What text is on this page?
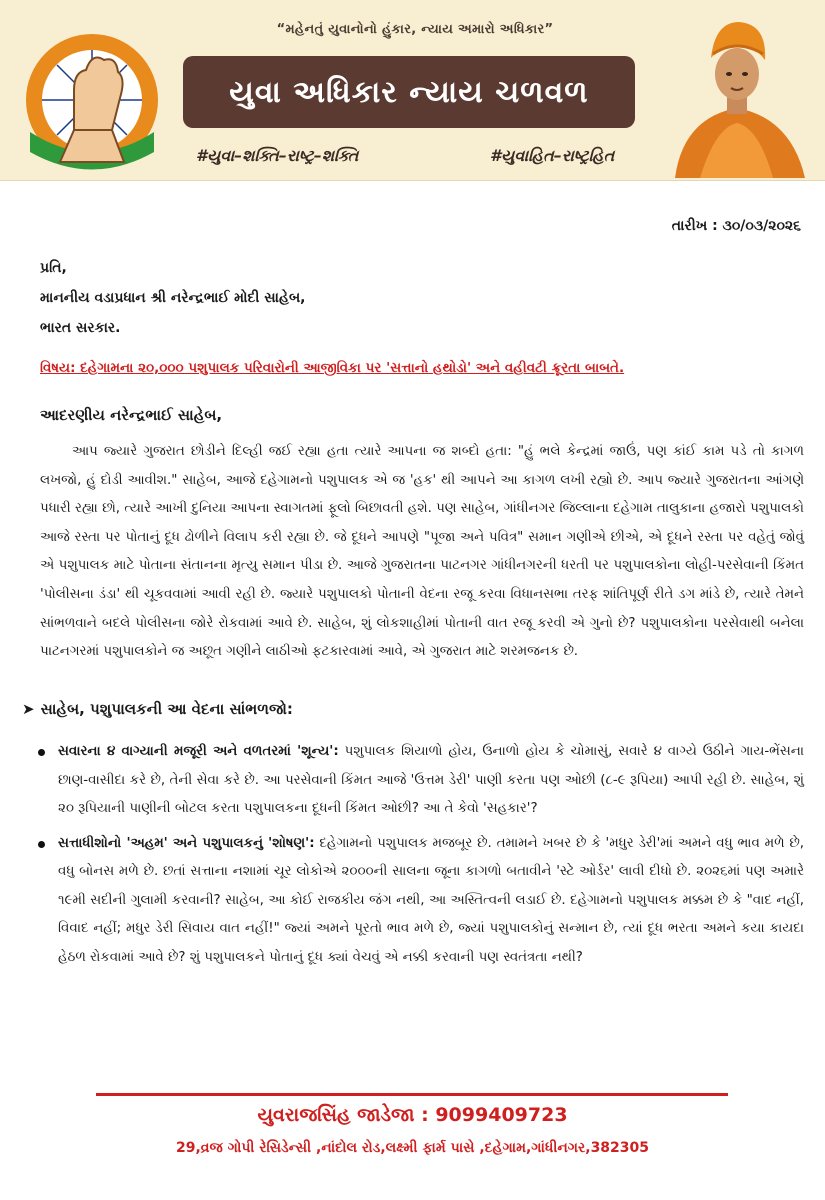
“મહેનતું યુવાનોનો હુંકાર, ન્યાય અમારો અધિકાર”
યુવા અધિકાર ન્યાય ચળવળ
#યુવા–શક્તિ–રાષ્ટ્ર–શક્તિ	#યુવાહિત–રાષ્ટ્રહિત
તારીખ : ૩૦/૦૩/૨૦૨૬
પ્રતિ,
માનનીય વડાપ્રધાન શ્રી નરેન્દ્રભાઈ મોદી સાહેબ,
ભારત સરકાર.
વિષય: દહેગામના ૨૦,૦૦૦ પશુપાલક પરિવારોની આજીવિકા પર 'સત્તાનો હથોડો' અને વહીવટી ક્રૂરતા બાબતે.
આદરણીય નરેન્દ્રભાઈ સાહેબ,
આપ જ્યારે ગુજરાત છોડીને દિલ્હી જઈ રહ્યા હતા ત્યારે આપના જ શબ્દો હતા: "હું ભલે કેન્દ્રમાં જાઉં, પણ કાંઈ કામ પડે તો કાગળ લખજો, હું દોડી આવીશ." સાહેબ, આજે દહેગામનો પશુપાલક એ જ 'હક' થી આપને આ કાગળ લખી રહ્યો છે. આપ જ્યારે ગુજરાતના આંગણે પધારી રહ્યા છો, ત્યારે આખી દુનિયા આપના સ્વાગતમાં ફૂલો બિછાવતી હશે. પણ સાહેબ, ગાંધીનગર જિલ્લાના દહેગામ તાલુકાના હજારો પશુપાલકો આજે રસ્તા પર પોતાનું દૂધ ઢોળીને વિલાપ કરી રહ્યા છે. જે દૂધને આપણે "પૂજા અને પવિત્ર" સમાન ગણીએ છીએ, એ દૂધને રસ્તા પર વહેતું જોવું એ પશુપાલક માટે પોતાના સંતાનના મૃત્યુ સમાન પીડા છે. આજે ગુજરાતના પાટનગર ગાંધીનગરની ધરતી પર પશુપાલકોના લોહી-પરસેવાની કિંમત 'પોલીસના ડંડા' થી ચૂકવવામાં આવી રહી છે. જ્યારે પશુપાલકો પોતાની વેદના રજૂ કરવા વિધાનસભા તરફ શાંતિપૂર્ણ રીતે ડગ માંડે છે, ત્યારે તેમને સાંભળવાને બદલે પોલીસના જોરે રોકવામાં આવે છે. સાહેબ, શું લોકશાહીમાં પોતાની વાત રજૂ કરવી એ ગુનો છે? પશુપાલકોના પરસેવાથી બનેલા પાટનગરમાં પશુપાલકોને જ અછૂત ગણીને લાઠીઓ ફટકારવામાં આવે, એ ગુજરાત માટે શરમજનક છે.
➤ સાહેબ, પશુપાલકની આ વેદના સાંભળજો:
સવારના ૪ વાગ્યાની મજૂરી અને વળતરમાં 'શૂન્ય': પશુપાલક શિયાળો હોય, ઉનાળો હોય કે ચોમાસું, સવારે ૪ વાગ્યે ઉઠીને ગાય-ભેંસના છાણ-વાસીદા કરે છે, તેની સેવા કરે છે. આ પરસેવાની કિંમત આજે 'ઉત્તમ ડેરી' પાણી કરતા પણ ઓછી (૮-૯ રૂપિયા) આપી રહી છે. સાહેબ, શું ૨૦ રૂપિયાની પાણીની બોટલ કરતા પશુપાલકના દૂધની કિંમત ઓછી? આ તે કેવો 'સહકાર'?
સત્તાધીશોનો 'અહમ' અને પશુપાલકનું 'શોષણ': દહેગામનો પશુપાલક મજબૂર છે. તમામને ખબર છે કે 'મધુર ડેરી'માં અમને વધુ ભાવ મળે છે, વધુ બોનસ મળે છે. છતાં સત્તાના નશામાં ચૂર લોકોએ ૨૦૦૦ની સાલના જૂના કાગળો બતાવીને 'સ્ટે ઓર્ડર' લાવી દીધો છે. ૨૦૨૬માં પણ અમારે ૧૯મી સદીની ગુલામી કરવાની? સાહેબ, આ કોઈ રાજકીય જંગ નથી, આ અસ્તિત્વની લડાઈ છે. દહેગામનો પશુપાલક મક્કમ છે કે "વાદ નહીં, વિવાદ નહીં; મધુર ડેરી સિવાય વાત નહીં!" જ્યાં અમને પૂરતો ભાવ મળે છે, જ્યાં પશુપાલકોનું સન્માન છે, ત્યાં દૂધ ભરતા અમને કયા કાયદા હેઠળ રોકવામાં આવે છે? શું પશુપાલકને પોતાનું દૂધ ક્યાં વેચવું એ નક્કી કરવાની પણ સ્વતંત્રતા નથી?
યુવરાજસિંહ જાડેજા : 9099409723
29,વ્રજ ગોપી રેસિડેન્સી ,નાંદોલ રોડ,લક્ષ્મી ફાર્મ પાસે ,દહેગામ,ગાંધીનગર,382305
